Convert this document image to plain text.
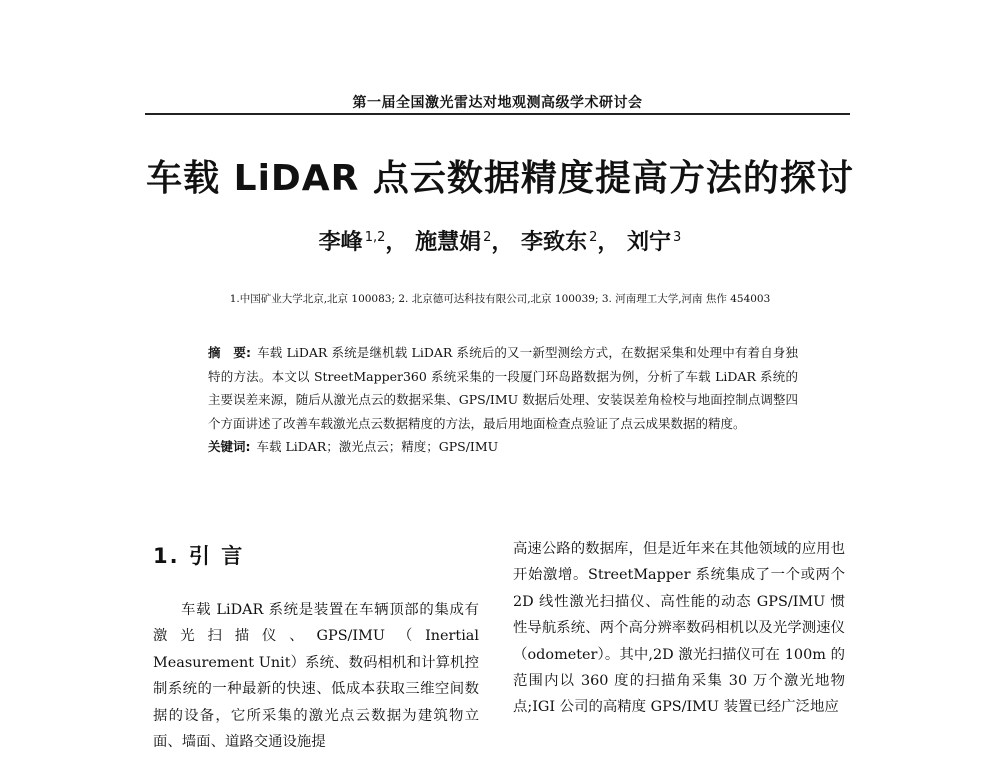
第一届全国激光雷达对地观测高级学术研讨会
车载 LiDAR 点云数据精度提高方法的探讨
李峰 $^{1,2}$， 施慧娟 $^2$， 李致东 $^2$， 刘宁 $^3$
1.中国矿业大学北京,北京 100083; 2. 北京德可达科技有限公司,北京 100039; 3. 河南理工大学,河南 焦作 454003

摘　要: 车载 LiDAR 系统是继机载 LiDAR 系统后的又一新型测绘方式，在数据采集和处理中有着自身独特的方法。本文以 StreetMapper360 系统采集的一段厦门环岛路数据为例，分析了车载 LiDAR 系统的主要误差来源，随后从激光点云的数据采集、GPS/IMU 数据后处理、安装误差角检校与地面控制点调整四个方面讲述了改善车载激光点云数据精度的方法，最后用地面检查点验证了点云成果数据的精度。

关键词: 车载 LiDAR；激光点云；精度；GPS/IMU

1. 引 言

车载 LiDAR 系统是装置在车辆顶部的集成有激光扫描仪、GPS/IMU（Inertial Measurement Unit）系统、数码相机和计算机控制系统的一种最新的快速、低成本获取三维空间数据的设备，它所采集的激光点云数据为建筑物立面、墙面、道路交通设施提

高速公路的数据库，但是近年来在其他领域的应用也开始激增。StreetMapper 系统集成了一个或两个 2D 线性激光扫描仪、高性能的动态 GPS/IMU 惯性导航系统、两个高分辨率数码相机以及光学测速仪（odometer）。其中,2D 激光扫描仪可在 100m 的范围内以 360 度的扫描角采集 30 万个激光地物点;IGI 公司的高精度 GPS/IMU 装置已经广泛地应
